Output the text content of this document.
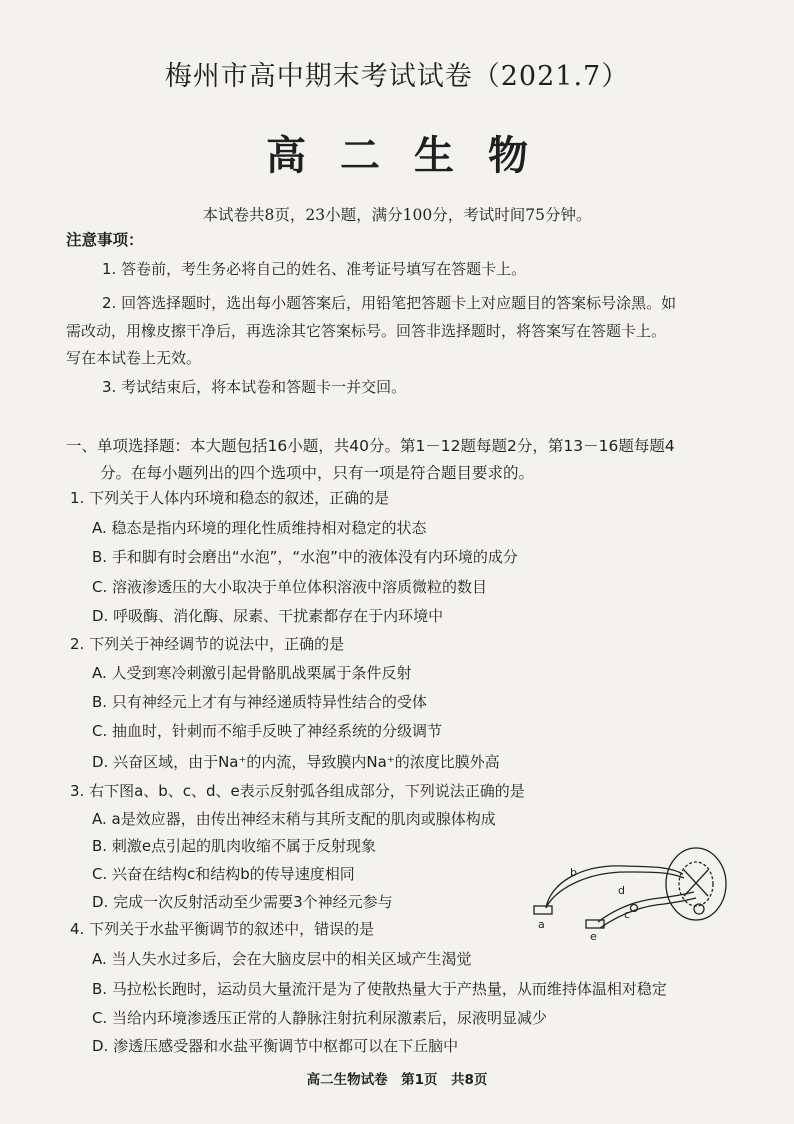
梅州市高中期末考试试卷（2021.7）
高二生物
本试卷共8页，23小题，满分100分，考试时间75分钟。
注意事项：
1. 答卷前，考生务必将自己的姓名、准考证号填写在答题卡上。
2. 回答选择题时，选出每小题答案后，用铅笔把答题卡上对应题目的答案标号涂黑。如
需改动，用橡皮擦干净后，再选涂其它答案标号。回答非选择题时，将答案写在答题卡上。
写在本试卷上无效。
3. 考试结束后，将本试卷和答题卡一并交回。
一、单项选择题：本大题包括16小题，共40分。第1－12题每题2分，第13－16题每题4
分。在每小题列出的四个选项中，只有一项是符合题目要求的。
1. 下列关于人体内环境和稳态的叙述，正确的是
A. 稳态是指内环境的理化性质维持相对稳定的状态
B. 手和脚有时会磨出“水泡”，“水泡”中的液体没有内环境的成分
C. 溶液渗透压的大小取决于单位体积溶液中溶质微粒的数目
D. 呼吸酶、消化酶、尿素、干扰素都存在于内环境中
2. 下列关于神经调节的说法中，正确的是
A. 人受到寒冷刺激引起骨骼肌战栗属于条件反射
B. 只有神经元上才有与神经递质特异性结合的受体
C. 抽血时，针刺而不缩手反映了神经系统的分级调节
D. 兴奋区域，由于Na⁺的内流，导致膜内Na⁺的浓度比膜外高
3. 右下图a、b、c、d、e表示反射弧各组成部分，下列说法正确的是
A. a是效应器，由传出神经末稍与其所支配的肌肉或腺体构成
B. 刺激e点引起的肌肉收缩不属于反射现象
C. 兴奋在结构c和结构b的传导速度相同
D. 完成一次反射活动至少需要3个神经元参与
a
b
c
d
e
4. 下列关于水盐平衡调节的叙述中，错误的是
A. 当人失水过多后，会在大脑皮层中的相关区域产生渴觉
B. 马拉松长跑时，运动员大量流汗是为了使散热量大于产热量，从而维持体温相对稳定
C. 当给内环境渗透压正常的人静脉注射抗利尿激素后，尿液明显减少
D. 渗透压感受器和水盐平衡调节中枢都可以在下丘脑中
高二生物试卷　第1页　共8页
